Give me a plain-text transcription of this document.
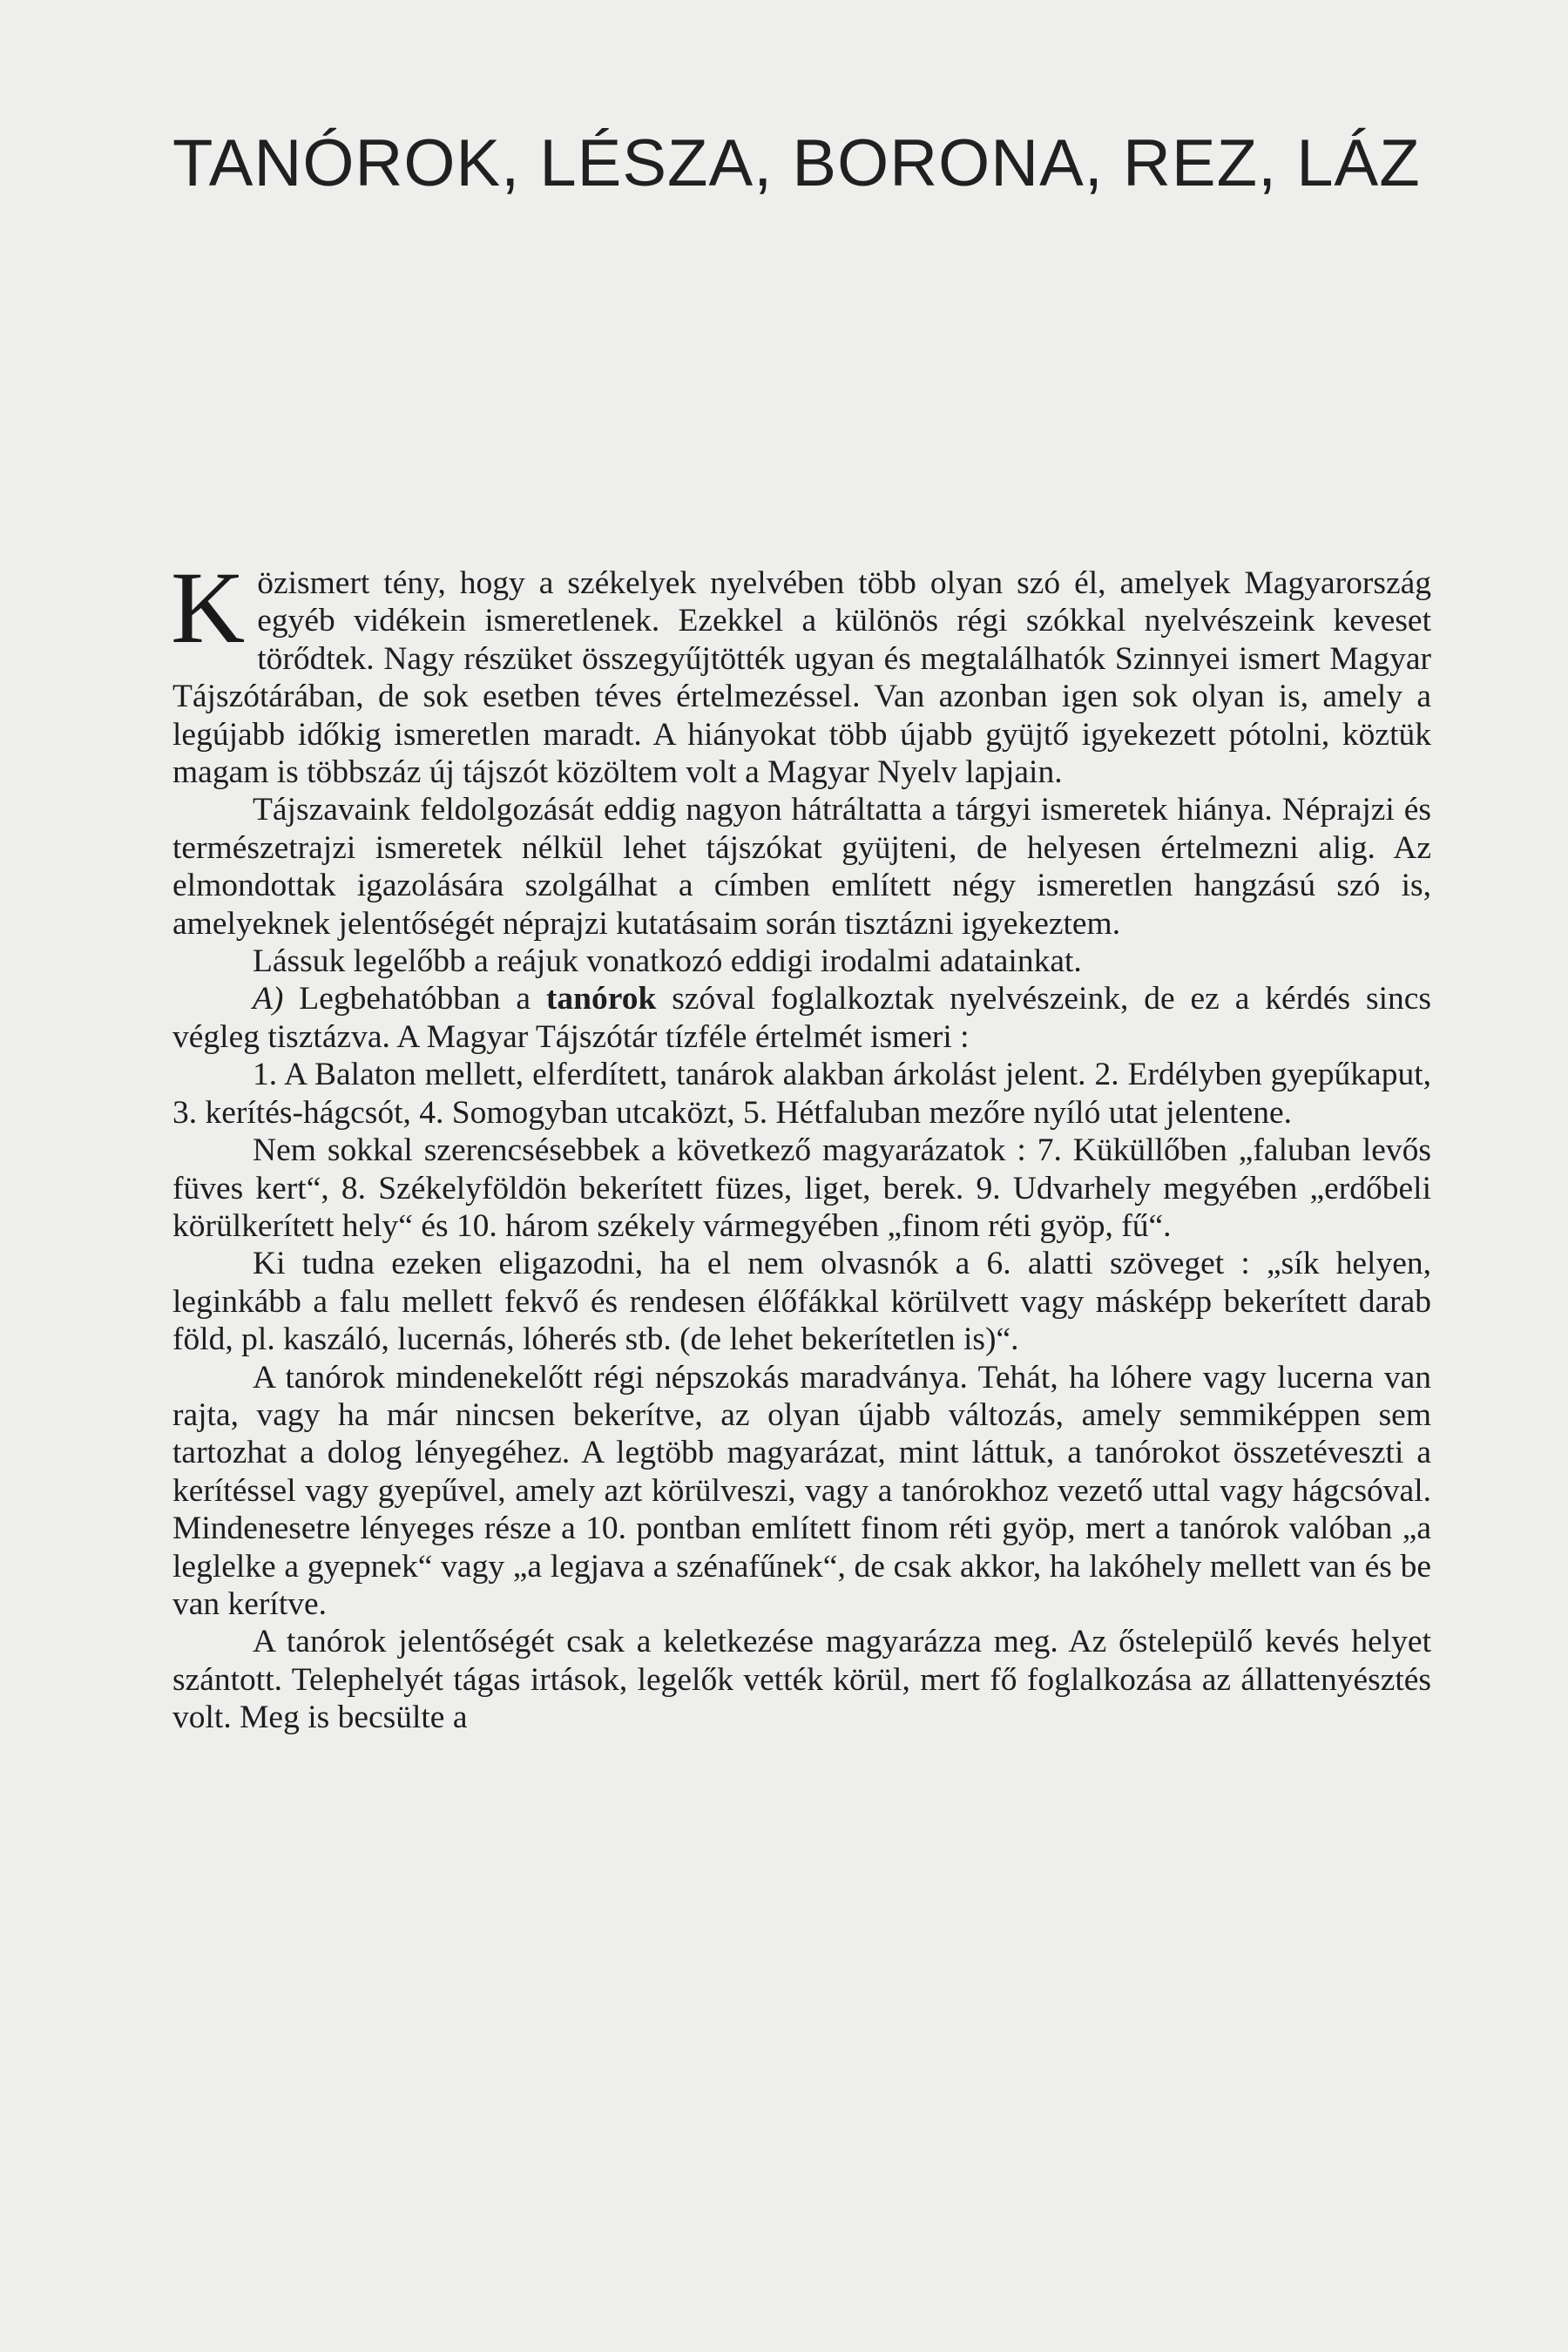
TANÓROK, LÉSZA, BORONA, REZ, LÁZ

Közismert tény, hogy a székelyek nyelvében több olyan szó él, amelyek Magyarország egyéb vidékein ismeretlenek. Ezekkel a különös régi szókkal nyelvészeink keveset törődtek. Nagy részüket összegyűjtötték ugyan és megtalálhatók Szinnyei ismert Magyar Tájszótárában, de sok esetben téves értelmezéssel. Van azonban igen sok olyan is, amely a legújabb időkig ismeretlen maradt. A hiányokat több újabb gyüjtő igyekezett pótolni, köztük magam is többszáz új tájszót közöltem volt a Magyar Nyelv lapjain.

Tájszavaink feldolgozását eddig nagyon hátráltatta a tárgyi ismeretek hiánya. Néprajzi és természetrajzi ismeretek nélkül lehet tájszókat gyüjteni, de helyesen értelmezni alig. Az elmondottak igazolására szolgálhat a címben említett négy ismeretlen hangzású szó is, amelyeknek jelentőségét néprajzi kutatásaim során tisztázni igyekeztem.

Lássuk legelőbb a reájuk vonatkozó eddigi irodalmi adatainkat.

A) Legbehatóbban a tanórok szóval foglalkoztak nyelvészeink, de ez a kérdés sincs végleg tisztázva. A Magyar Tájszótár tízféle értelmét ismeri :

1. A Balaton mellett, elferdített, tanárok alakban árkolást jelent. 2. Erdélyben gyepűkaput, 3. kerítés-hágcsót, 4. Somogyban utcaközt, 5. Hétfaluban mezőre nyíló utat jelentene.

Nem sokkal szerencsésebbek a következő magyarázatok : 7. Küküllőben „faluban levős füves kert“, 8. Székelyföldön bekerített füzes, liget, berek. 9. Udvarhely megyében „erdőbeli körülkerített hely“ és 10. három székely vármegyében „finom réti gyöp, fű“.

Ki tudna ezeken eligazodni, ha el nem olvasnók a 6. alatti szöveget : „sík helyen, leginkább a falu mellett fekvő és rendesen élőfákkal körülvett vagy másképp bekerített darab föld, pl. kaszáló, lucernás, lóherés stb. (de lehet bekerítetlen is)“.

A tanórok mindenekelőtt régi népszokás maradványa. Tehát, ha lóhere vagy lucerna van rajta, vagy ha már nincsen bekerítve, az olyan újabb változás, amely semmiképpen sem tartozhat a dolog lényegéhez. A legtöbb magyarázat, mint láttuk, a tanórokot összetéveszti a kerítéssel vagy gyepűvel, amely azt körülveszi, vagy a tanórokhoz vezető uttal vagy hágcsóval. Mindenesetre lényeges része a 10. pontban említett finom réti gyöp, mert a tanórok valóban „a leglelke a gyepnek“ vagy „a legjava a szénafűnek“, de csak akkor, ha lakóhely mellett van és be van kerítve.

A tanórok jelentőségét csak a keletkezése magyarázza meg. Az őstelepülő kevés helyet szántott. Telephelyét tágas irtások, legelők vették körül, mert fő foglalkozása az állattenyésztés volt. Meg is becsülte a
